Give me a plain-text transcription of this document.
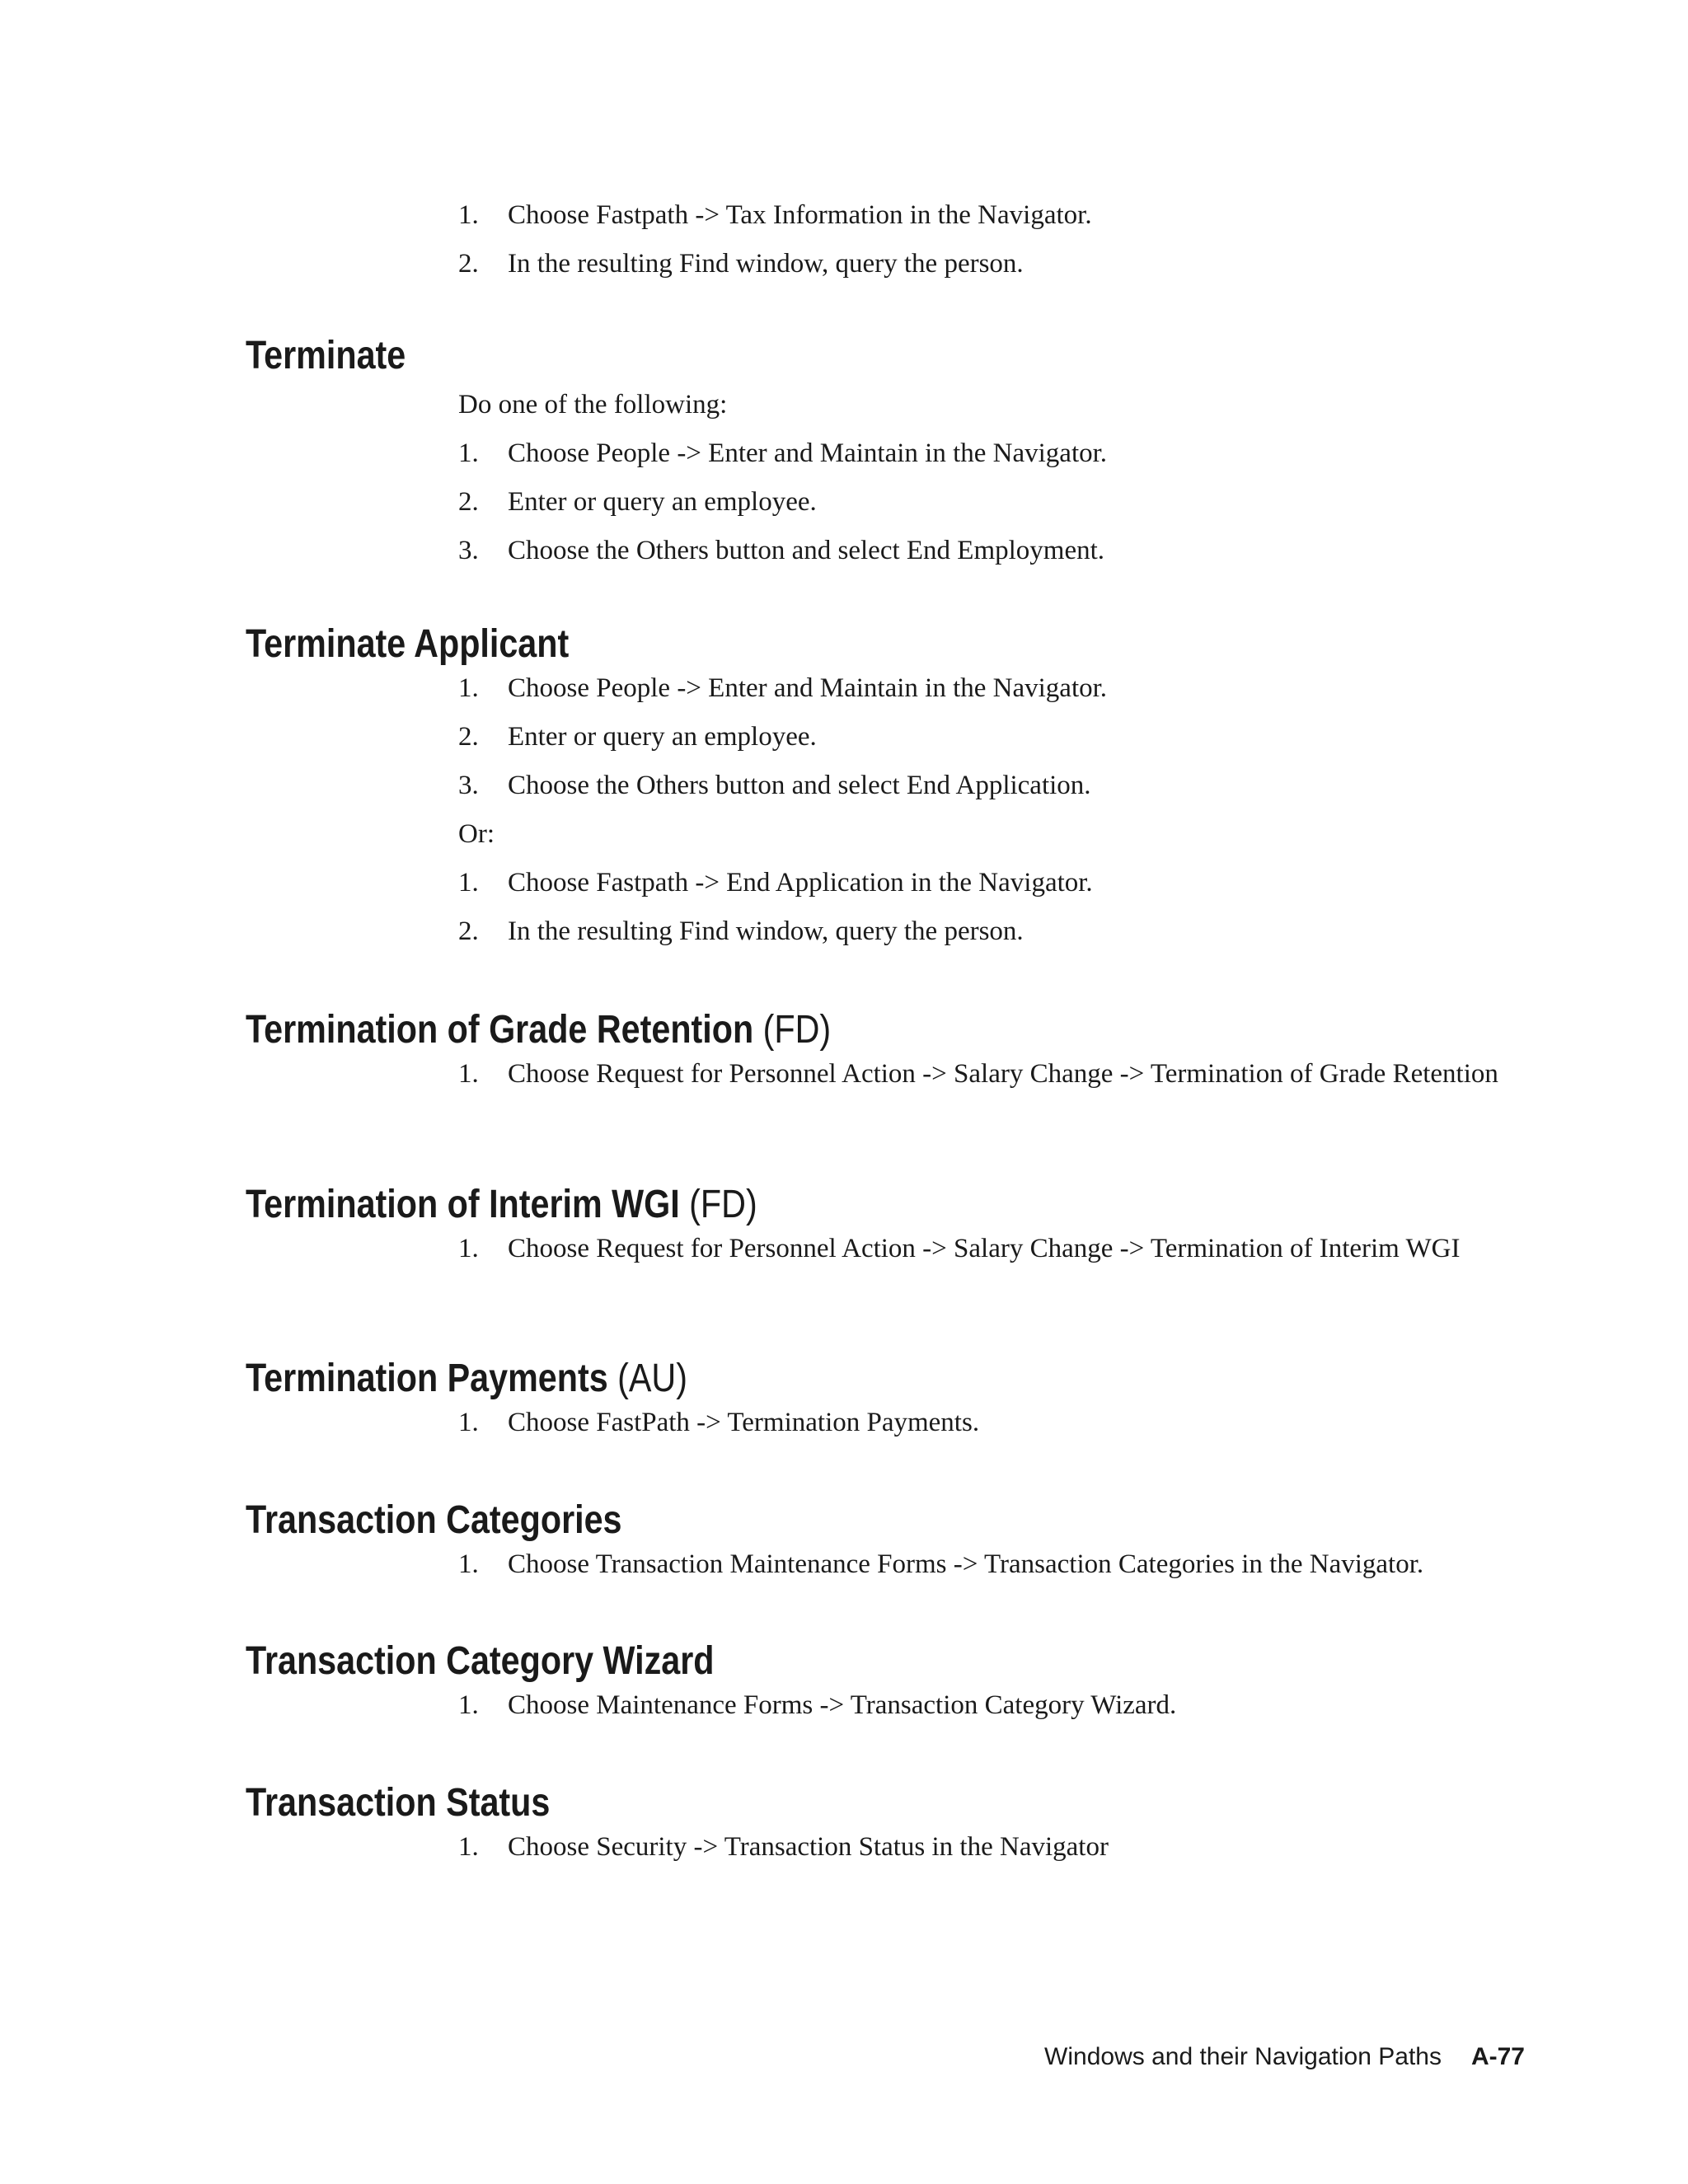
1.	Choose Fastpath -> Tax Information in the Navigator.
2.	In the resulting Find window, query the person.
Terminate
Do one of the following:
1.	Choose People -> Enter and Maintain in the Navigator.
2.	Enter or query an employee.
3.	Choose the Others button and select End Employment.
Terminate Applicant
1.	Choose People -> Enter and Maintain in the Navigator.
2.	Enter or query an employee.
3.	Choose the Others button and select End Application.
Or:
1.	Choose Fastpath -> End Application in the Navigator.
2.	In the resulting Find window, query the person.
Termination of Grade Retention (FD)
1.	Choose Request for Personnel Action -> Salary Change -> Termination of Grade Retention
Termination of Interim WGI (FD)
1.	Choose Request for Personnel Action -> Salary Change -> Termination of Interim WGI
Termination Payments (AU)
1.	Choose FastPath -> Termination Payments.
Transaction Categories
1.	Choose Transaction Maintenance Forms -> Transaction Categories in the Navigator.
Transaction Category Wizard
1.	Choose Maintenance Forms -> Transaction Category Wizard.
Transaction Status
1.	Choose Security -> Transaction Status in the Navigator
Windows and their Navigation Paths A-77
